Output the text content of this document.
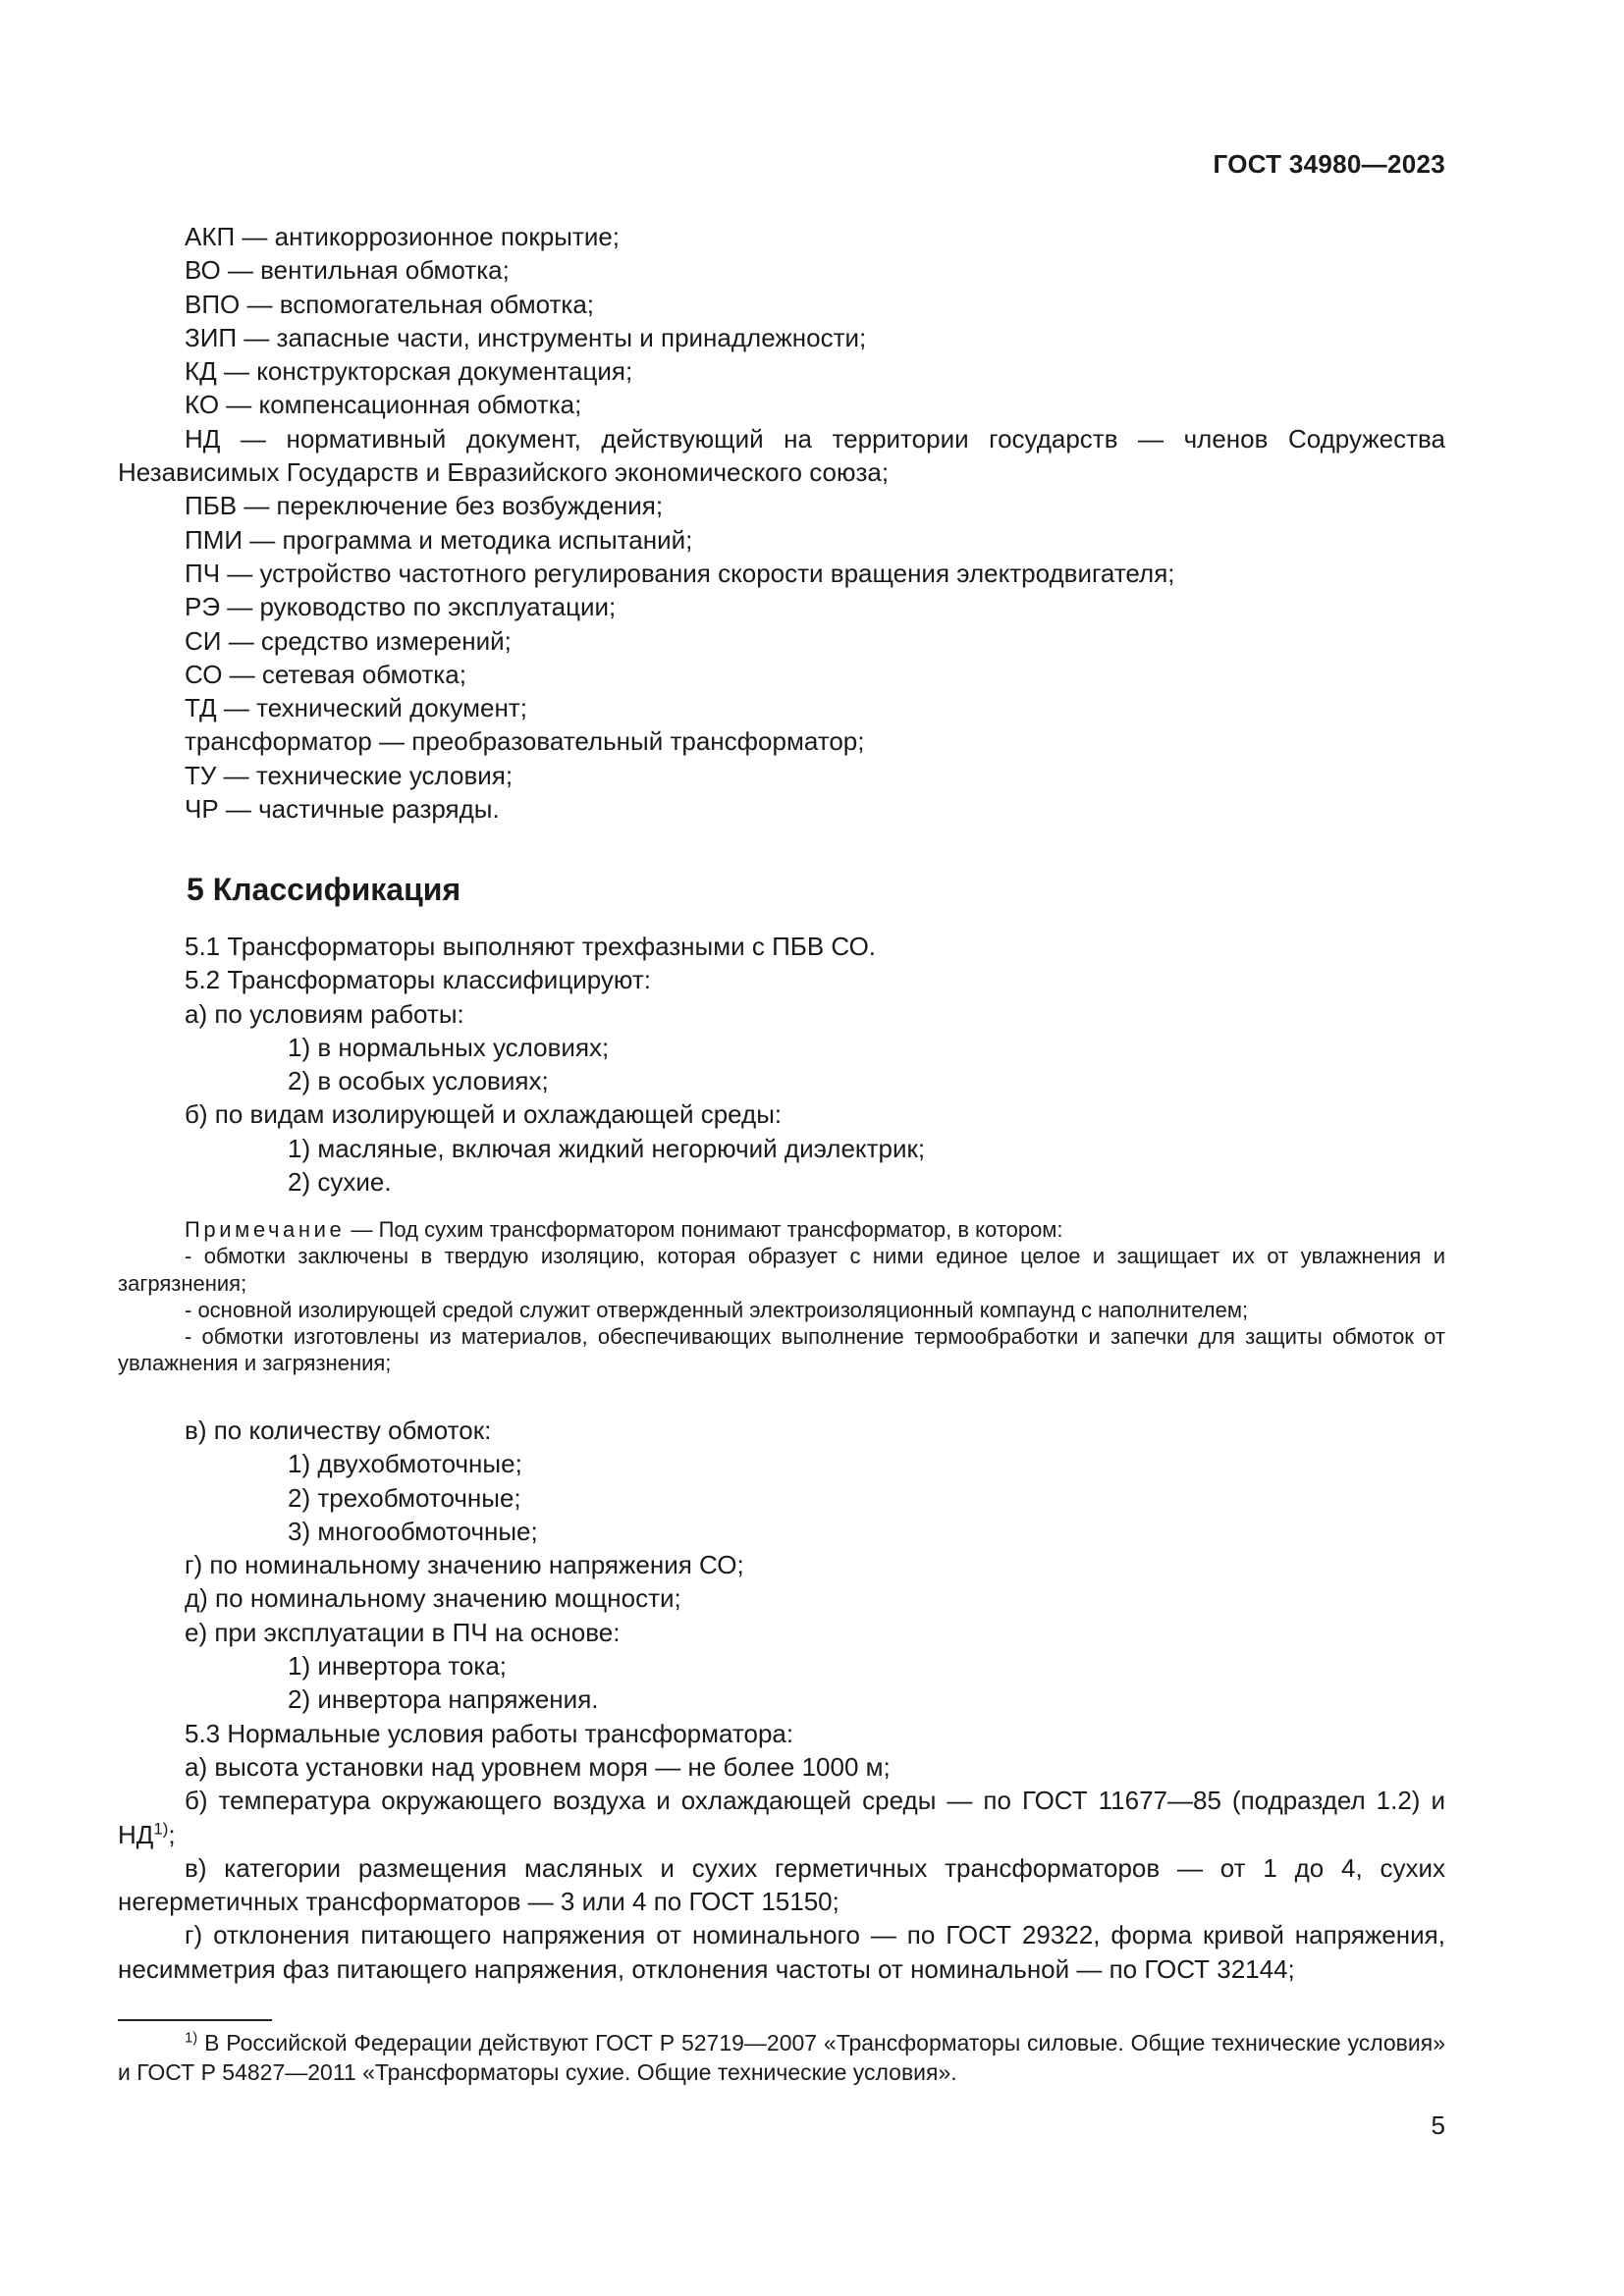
ГОСТ 34980—2023

АКП — антикоррозионное покрытие;

ВО — вентильная обмотка;

ВПО — вспомогательная обмотка;

ЗИП — запасные части, инструменты и принадлежности;

КД — конструкторская документация;

КО — компенсационная обмотка;

НД — нормативный документ, действующий на территории государств — членов Содружества Независимых Государств и Евразийского экономического союза;

ПБВ — переключение без возбуждения;

ПМИ — программа и методика испытаний;

ПЧ — устройство частотного регулирования скорости вращения электродвигателя;

РЭ — руководство по эксплуатации;

СИ — средство измерений;

СО — сетевая обмотка;

ТД — технический документ;

трансформатор — преобразовательный трансформатор;

ТУ — технические условия;

ЧР — частичные разряды.

5 Классификация

5.1 Трансформаторы выполняют трехфазными с ПБВ СО.

5.2 Трансформаторы классифицируют:

а) по условиям работы:

1) в нормальных условиях;

2) в особых условиях;

б) по видам изолирующей и охлаждающей среды:

1) масляные, включая жидкий негорючий диэлектрик;

2) сухие.

Примечание — Под сухим трансформатором понимают трансформатор, в котором:

- обмотки заключены в твердую изоляцию, которая образует с ними единое целое и защищает их от увлажнения и загрязнения;

- основной изолирующей средой служит отвержденный электроизоляционный компаунд с наполнителем;

- обмотки изготовлены из материалов, обеспечивающих выполнение термообработки и запечки для защиты обмоток от увлажнения и загрязнения;

в) по количеству обмоток:

1) двухобмоточные;

2) трехобмоточные;

3) многообмоточные;

г) по номинальному значению напряжения СО;

д) по номинальному значению мощности;

е) при эксплуатации в ПЧ на основе:

1) инвертора тока;

2) инвертора напряжения.

5.3 Нормальные условия работы трансформатора:

а) высота установки над уровнем моря — не более 1000 м;

б) температура окружающего воздуха и охлаждающей среды — по ГОСТ 11677—85 (подраздел 1.2) и НД$^{1)}$;

в) категории размещения масляных и сухих герметичных трансформаторов — от 1 до 4, сухих негерметичных трансформаторов — 3 или 4 по ГОСТ 15150;

г) отклонения питающего напряжения от номинального — по ГОСТ 29322, форма кривой напряжения, несимметрия фаз питающего напряжения, отклонения частоты от номинальной — по ГОСТ 32144;

$^{1)}$ В Российской Федерации действуют ГОСТ Р 52719—2007 «Трансформаторы силовые. Общие технические условия» и ГОСТ Р 54827—2011 «Трансформаторы сухие. Общие технические условия».

5
